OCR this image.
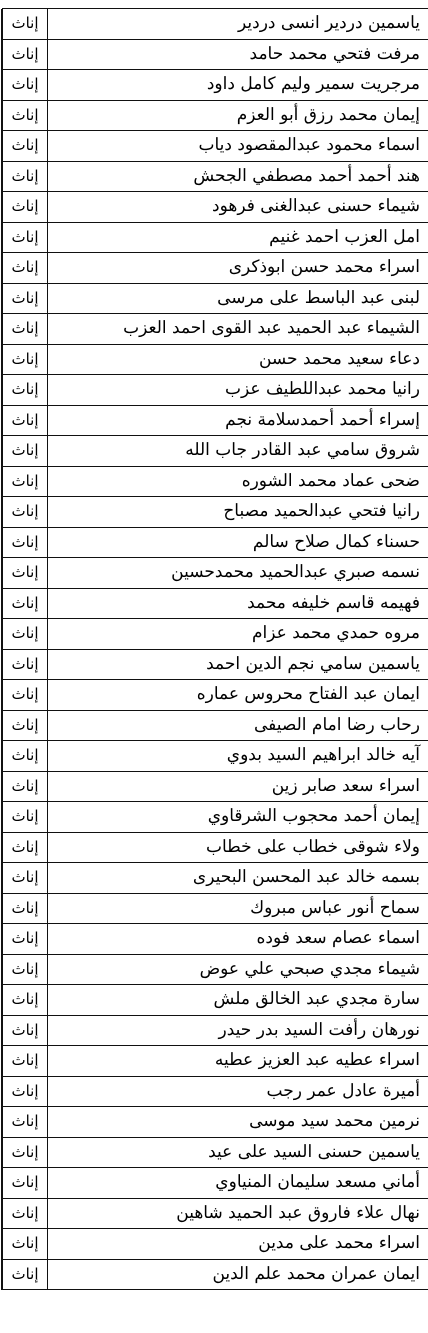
ياسمين دردير انسى دردير	إناث	
مرفت فتحي محمد حامد	إناث	
مرجريت سمير وليم كامل داود	إناث	
إيمان محمد رزق أبو العزم	إناث	
اسماء محمود عبدالمقصود دياب	إناث	
هند أحمد أحمد مصطفي الجحش	إناث	
شيماء حسنى عبدالغنى فرهود	إناث	
امل العزب احمد غنيم	إناث	
اسراء محمد حسن ابوذكرى	إناث	
لبنى عبد الباسط على مرسى	إناث	
الشيماء عبد الحميد عبد القوى احمد العزب	إناث	
دعاء سعيد محمد حسن	إناث	
رانيا محمد عبداللطيف عزب	إناث	
إسراء أحمد أحمدسلامة نجم	إناث	
شروق سامي عبد القادر جاب الله	إناث	
ضحى عماد محمد الشوره	إناث	
رانيا فتحي عبدالحميد مصباح	إناث	
حسناء كمال صلاح سالم	إناث	
نسمه صبري عبدالحميد محمدحسين	إناث	
فهيمه قاسم خليفه محمد	إناث	
مروه حمدي محمد عزام	إناث	
ياسمين سامي نجم الدين احمد	إناث	
ايمان عبد الفتاح محروس عماره	إناث	
رحاب رضا امام الصيفى	إناث	
آيه خالد ابراهيم السيد بدوي	إناث	
اسراء سعد صابر زين	إناث	
إيمان أحمد محجوب الشرقاوي	إناث	
ولاء شوقى خطاب على خطاب	إناث	
بسمه خالد عبد المحسن البحيرى	إناث	
سماح أنور عباس مبروك	إناث	
اسماء عصام سعد فوده	إناث	
شيماء مجدي صبحي علي عوض	إناث	
سارة مجدي عبد الخالق ملش	إناث	
نورهان رأفت السيد بدر حيدر	إناث	
اسراء عطيه عبد العزيز عطيه	إناث	
أميرة عادل عمر رجب	إناث	
نرمين محمد سيد موسى	إناث	
ياسمين حسنى السيد على عيد	إناث	
أماني مسعد سليمان المنياوي	إناث	
نهال علاء فاروق عبد الحميد شاهين	إناث	
اسراء محمد على مدين	إناث	
ايمان عمران محمد علم الدين	إناث	
